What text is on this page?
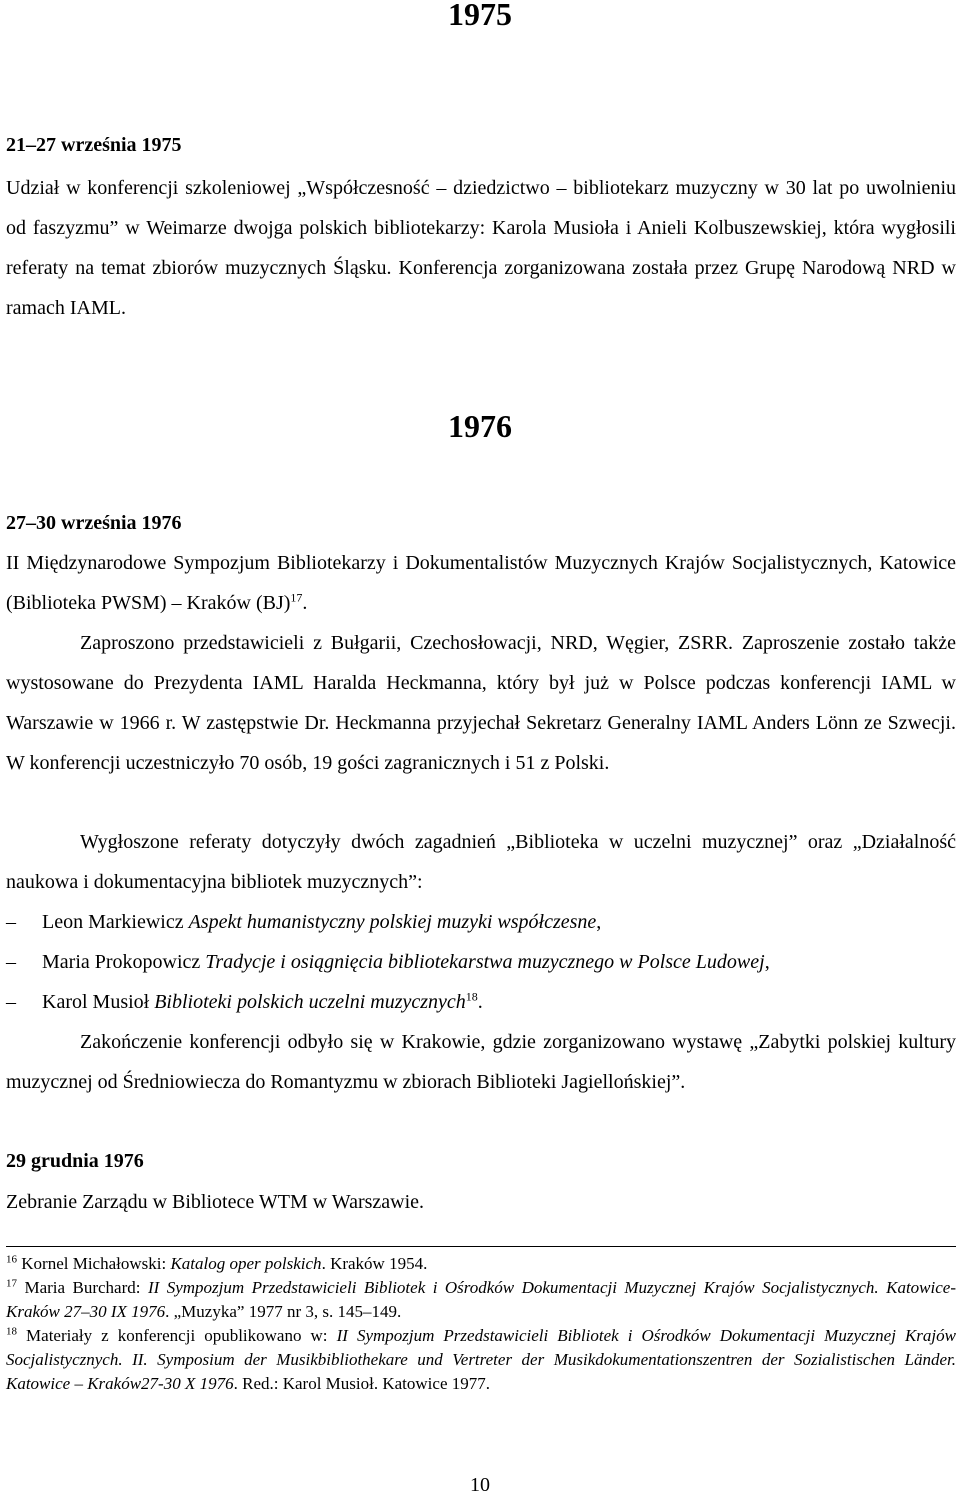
1975
21–27 września 1975
Udział w konferencji szkoleniowej „Współczesność – dziedzictwo – bibliotekarz muzyczny w 30 lat po uwolnieniu od faszyzmu” w Weimarze dwojga polskich bibliotekarzy: Karola Musioła i Anieli Kolbuszewskiej, która wygłosili referaty na temat zbiorów muzycznych Śląsku. Konferencja zorganizowana została przez Grupę Narodową NRD w ramach IAML.
1976
27–30 września 1976
II Międzynarodowe Sympozjum Bibliotekarzy i Dokumentalistów Muzycznych Krajów Socjalistycznych, Katowice (Biblioteka PWSM) – Kraków (BJ)$^{17}$.
Zaproszono przedstawicieli z Bułgarii, Czechosłowacji, NRD, Węgier, ZSRR. Zaproszenie zostało także wystosowane do Prezydenta IAML Haralda Heckmanna, który był już w Polsce podczas konferencji IAML w Warszawie w 1966 r. W zastępstwie Dr. Heckmanna przyjechał Sekretarz Generalny IAML Anders Lönn ze Szwecji. W konferencji uczestniczyło 70 osób, 19 gości zagranicznych i 51 z Polski.
Wygłoszone referaty dotyczyły dwóch zagadnień „Biblioteka w uczelni muzycznej” oraz „Działalność naukowa i dokumentacyjna bibliotek muzycznych”:
– Leon Markiewicz Aspekt humanistyczny polskiej muzyki współczesne,
– Maria Prokopowicz Tradycje i osiągnięcia bibliotekarstwa muzycznego w Polsce Ludowej,
– Karol Musioł Biblioteki polskich uczelni muzycznych$^{18}$.
Zakończenie konferencji odbyło się w Krakowie, gdzie zorganizowano wystawę „Zabytki polskiej kultury muzycznej od Średniowiecza do Romantyzmu w zbiorach Biblioteki Jagiellońskiej”.
29 grudnia 1976
Zebranie Zarządu w Bibliotece WTM w Warszawie.
$^{16}$ Kornel Michałowski: Katalog oper polskich. Kraków 1954.
$^{17}$ Maria Burchard: II Sympozjum Przedstawicieli Bibliotek i Ośrodków Dokumentacji Muzycznej Krajów Socjalistycznych. Katowice-Kraków 27–30 IX 1976. „Muzyka” 1977 nr 3, s. 145–149.
$^{18}$ Materiały z konferencji opublikowano w: II Sympozjum Przedstawicieli Bibliotek i Ośrodków Dokumentacji Muzycznej Krajów Socjalistycznych. II. Symposium der Musikbibliothekare und Vertreter der Musikdokumentationszentren der Sozialistischen Länder. Katowice – Kraków27-30 X 1976. Red.: Karol Musioł. Katowice 1977.
10
